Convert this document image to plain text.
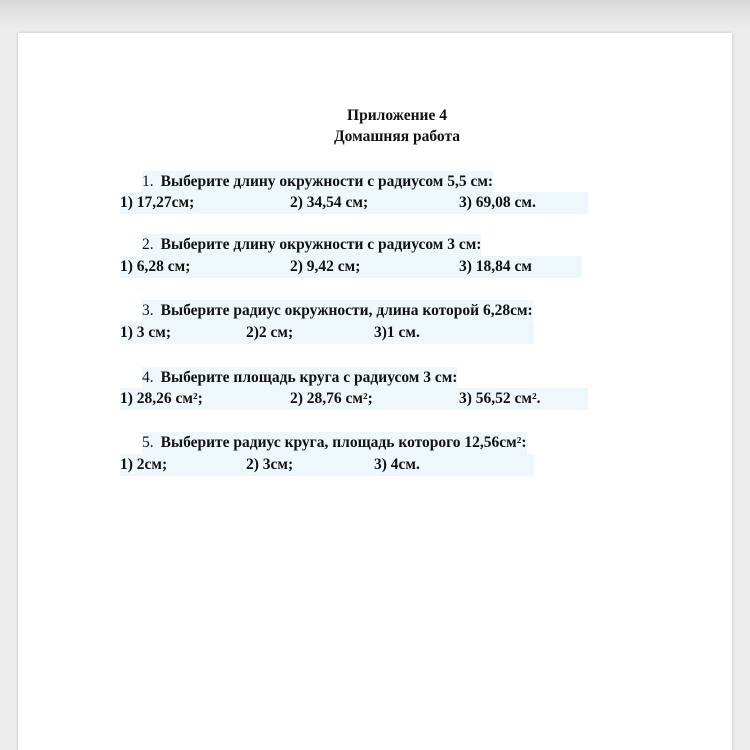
Приложение 4
Домашняя работа
1. Выберите длину окружности с радиусом 5,5 см:
1) 17,27см;	2) 34,54 см;	3) 69,08 см.
2. Выберите длину окружности с радиусом 3 см:
1) 6,28 см;	2) 9,42 см;	3) 18,84 см
3. Выберите радиус окружности, длина которой 6,28см:
1) 3 см;	2)2 см;	3)1 см.
4. Выберите площадь круга с радиусом 3 см:
1) 28,26 см²;	2) 28,76 см²;	3) 56,52 см².
5. Выберите радиус круга, площадь которого 12,56см²:
1) 2см;	2) 3см;	3) 4см.
